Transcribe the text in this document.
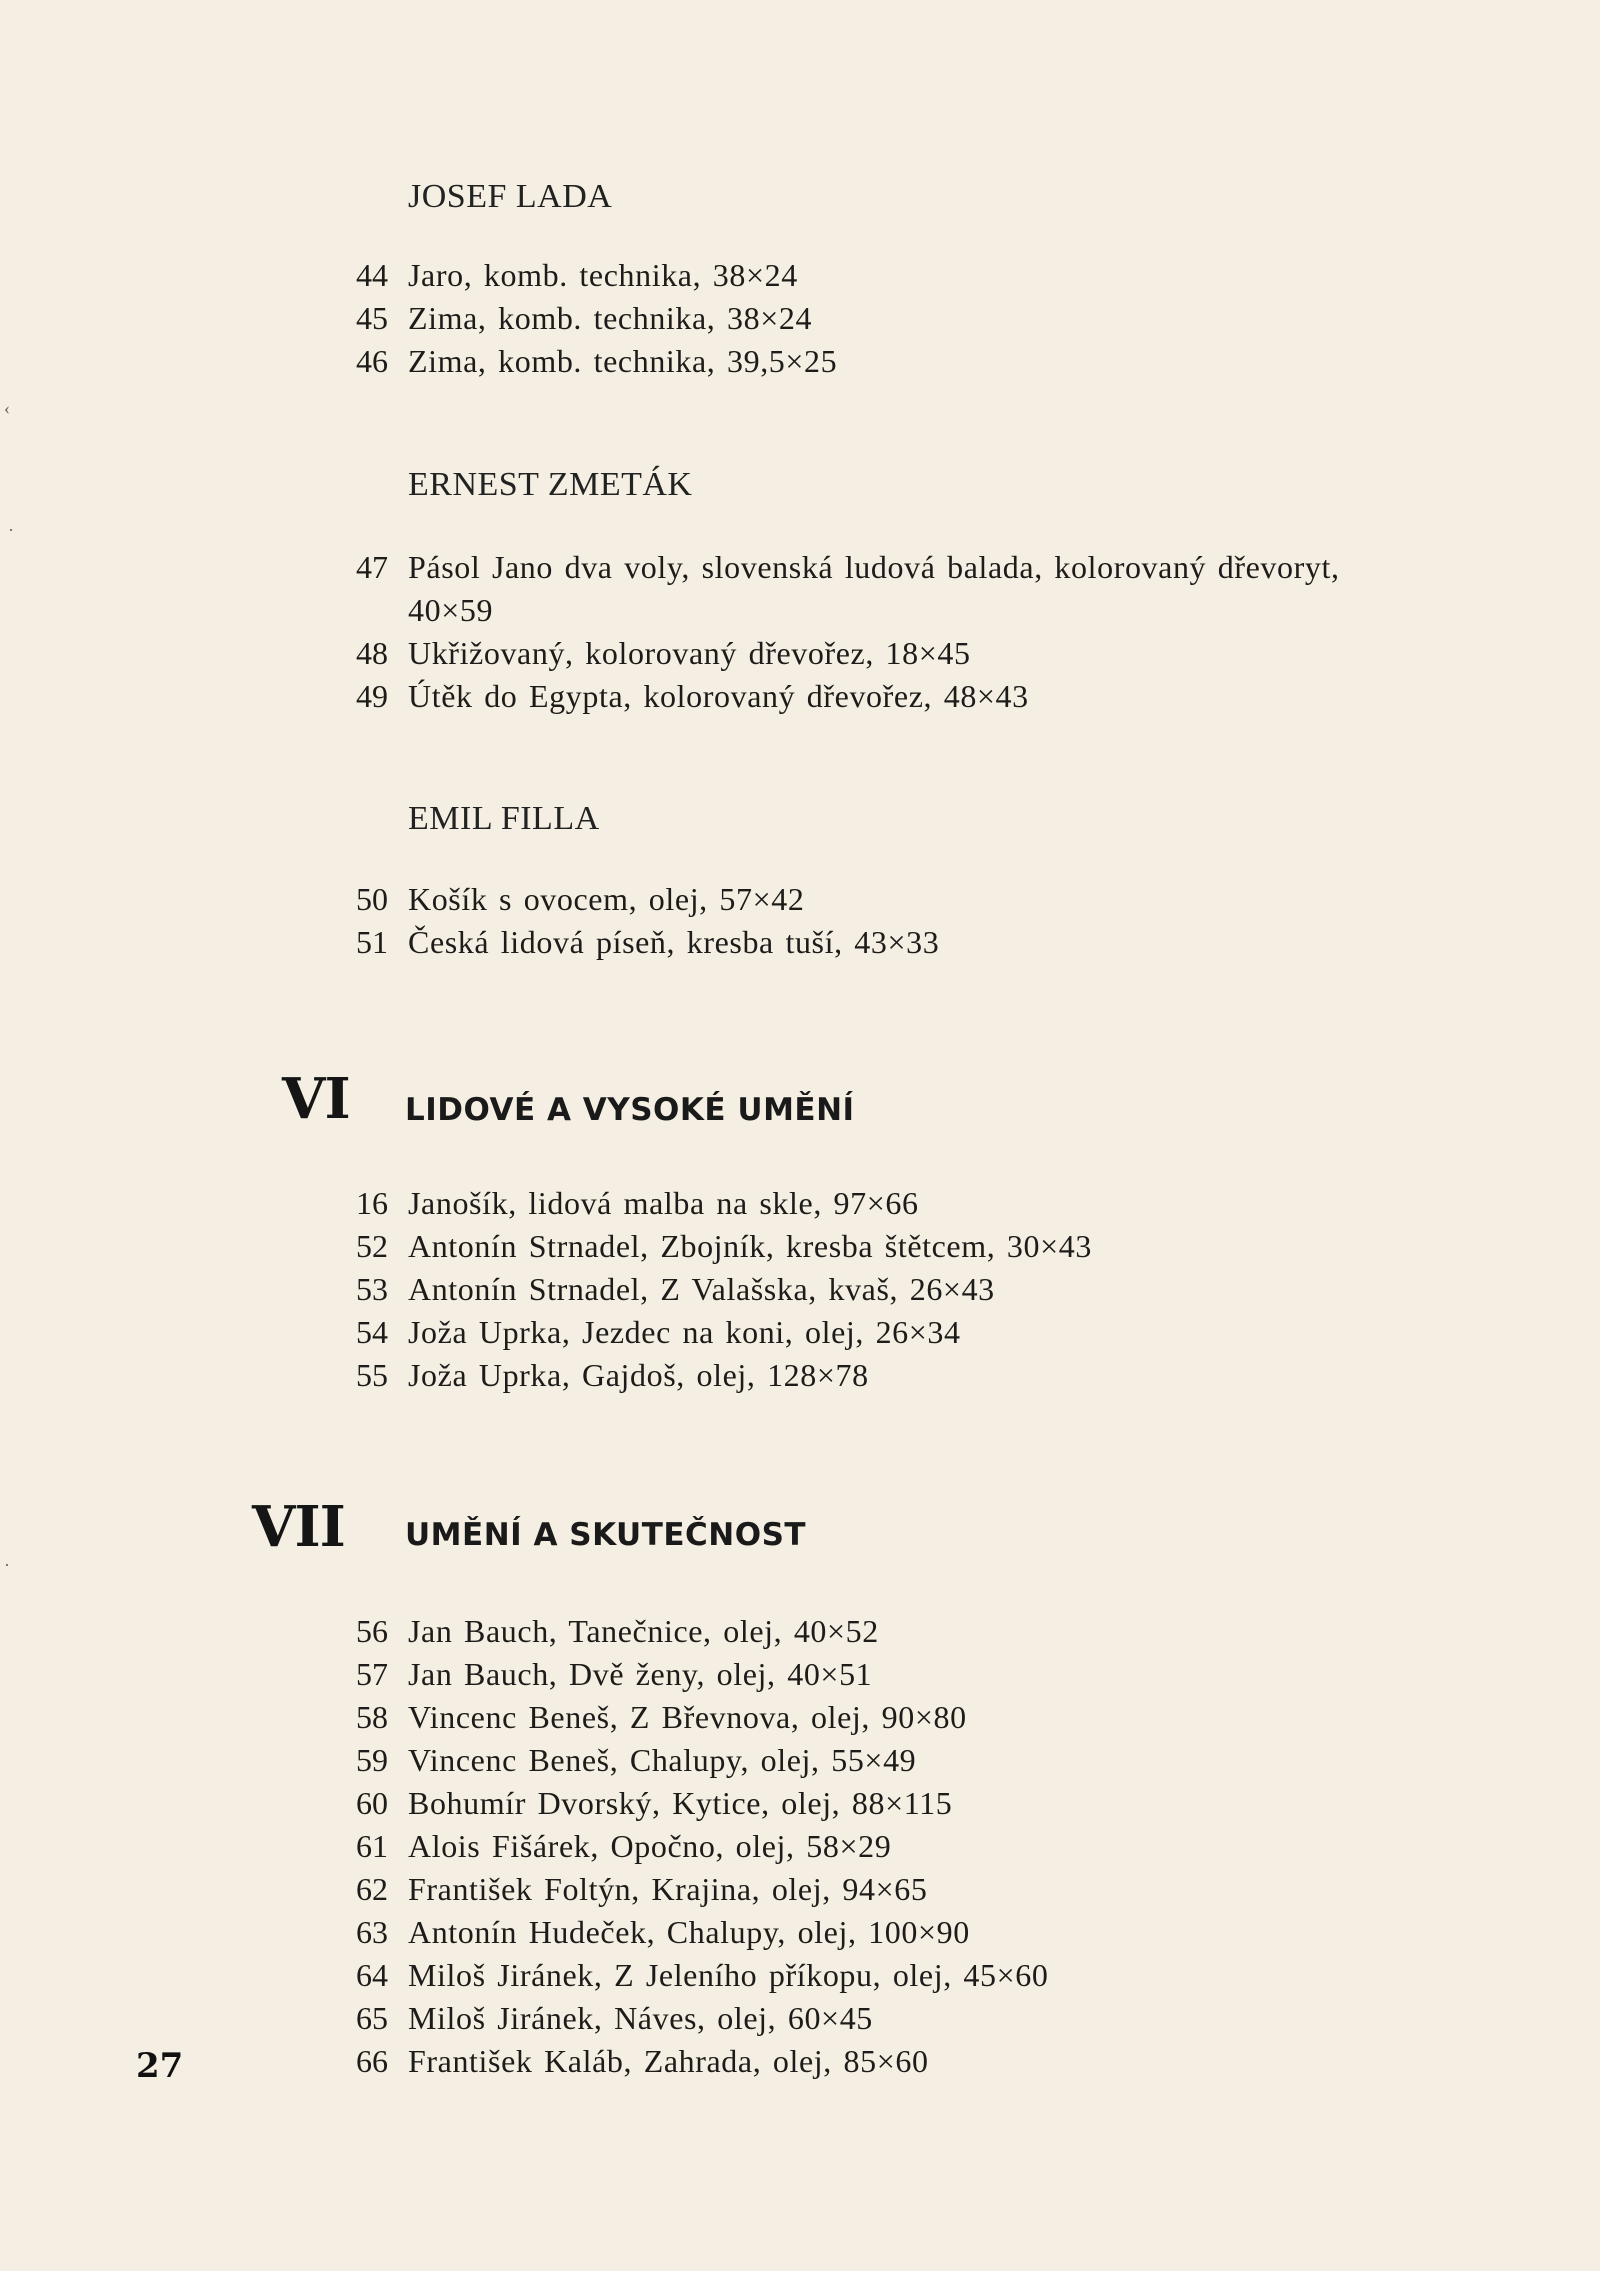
JOSEF LADA
44 Jaro, komb. technika, 38×24
45 Zima, komb. technika, 38×24
46 Zima, komb. technika, 39,5×25
ERNEST ZMETÁK
47 Pásol Jano dva voly, slovenská ludová balada, kolorovaný dřevoryt,
40×59
48 Ukřižovaný, kolorovaný dřevořez, 18×45
49 Útěk do Egypta, kolorovaný dřevořez, 48×43
EMIL FILLA
50 Košík s ovocem, olej, 57×42
51 Česká lidová píseň, kresba tuší, 43×33
VI LIDOVÉ A VYSOKÉ UMĚNÍ
16 Janošík, lidová malba na skle, 97×66
52 Antonín Strnadel, Zbojník, kresba štětcem, 30×43
53 Antonín Strnadel, Z Valašska, kvaš, 26×43
54 Joža Uprka, Jezdec na koni, olej, 26×34
55 Joža Uprka, Gajdoš, olej, 128×78
VII UMĚNÍ A SKUTEČNOST
56 Jan Bauch, Tanečnice, olej, 40×52
57 Jan Bauch, Dvě ženy, olej, 40×51
58 Vincenc Beneš, Z Břevnova, olej, 90×80
59 Vincenc Beneš, Chalupy, olej, 55×49
60 Bohumír Dvorský, Kytice, olej, 88×115
61 Alois Fišárek, Opočno, olej, 58×29
62 František Foltýn, Krajina, olej, 94×65
63 Antonín Hudeček, Chalupy, olej, 100×90
64 Miloš Jiránek, Z Jeleního příkopu, olej, 45×60
65 Miloš Jiránek, Náves, olej, 60×45
66 František Kaláb, Zahrada, olej, 85×60
27
‹
·
·
